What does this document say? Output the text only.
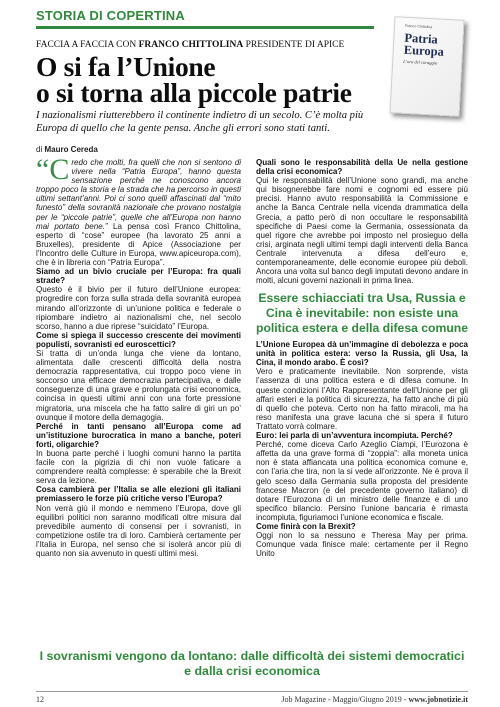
STORIA DI COPERTINA
FACCIA A FACCIA CON FRANCO CHITTOLINA PRESIDENTE DI APICE
O si fa l’Unione
o si torna alla piccole patrie

I nazionalismi riutterebbero il continente indietro di un secolo. C’è molta più Europa di quello che la gente pensa. Anche gli errori sono stati tanti.

di Mauro Cereda
Franco Chittolina
Patria
Europa
L’ora del coraggio

“Credo che molti, fra quelli che non si sentono di vivere nella “Patria Europa”, hanno questa sensazione perché ne conoscono ancora troppo poco la storia e la strada che ha percorso in questi ultimi settant’anni. Poi ci sono quelli affascinati dal “mito funesto” della sovranità nazionale che provano nostalgia per le “piccole patrie”, quelle che all’Europa non hanno mai portato bene.” La pensa così Franco Chittolina, esperto di “cose” europee (ha lavorato 25 anni a Bruxelles), presidente di Apice (Associazione per l’Incontro delle Culture in Europa, www.apiceuropa.com), che è in libreria con “Patria Europa”.

Siamo ad un bivio cruciale per l’Europa: fra quali strade?

Questo è il bivio per il futuro dell’Unione europea: progredire con forza sulla strada della sovranità europea mirando all’orizzonte di un’unione politica e federale o ripiombare indietro ai nazionalismi che, nel secolo scorso, hanno a due riprese “suicidato” l’Europa.

Come si spiega il successo crescente dei movimenti populisti, sovranisti ed euroscettici?

Si tratta di un’onda lunga che viene da lontano, alimentata dalle crescenti difficoltà della nostra democrazia rappresentativa, cui troppo poco viene in soccorso una efficace democrazia partecipativa, e dalle conseguenze di una grave e prolungata crisi economica, coincisa in questi ultimi anni con una forte pressione migratoria, una miscela che ha fatto salire di giri un po’ ovunque il motore della demagogia.

Perché in tanti pensano all’Europa come ad un’istituzione burocratica in mano a banche, poteri forti, oligarchie?

In buona parte perché i luoghi comuni hanno la partita facile con la pigrizia di chi non vuole faticare a comprendere realtà complesse: è sperabile che la Brexit serva da lezione.

Cosa cambierà per l’Italia se alle elezioni gli italiani premiassero le forze più critiche verso l’Europa?

Non verrà giù il mondo e nemmeno l’Europa, dove gli equilibri politici non saranno modificati oltre misura dal prevedibile aumento di consensi per i sovranisti, in competizione ostile tra di loro. Cambierà certamente per l’Italia in Europa, nel senso che si isolerà ancor più di quanto non sia avvenuto in questi ultimi mesi.

Quali sono le responsabilità della Ue nella gestione della crisi economica?

Qui le responsabilità dell’Unione sono grandi, ma anche qui bisognerebbe fare nomi e cognomi ed essere più precisi. Hanno avuto responsabilità la Commissione e anche la Banca Centrale nella vicenda drammatica della Grecia, a patto però di non occultare le responsabilità specifiche di Paesi come la Germania, ossessionata da quel rigore che avrebbe poi imposto nel prosieguo della crisi, arginata negli ultimi tempi dagli interventi della Banca Centrale intervenuta a difesa dell’euro e, contemporaneamente, delle economie europee più deboli. Ancora una volta sul banco degli imputati devono andare in molti, alcuni governi nazionali in prima linea.

Essere schiacciati tra Usa, Russia e Cina è inevitabile: non esiste una politica estera e della difesa comune

L’Unione Europea dà un’immagine di debolezza e poca unità in politica estera: verso la Russia, gli Usa, la Cina, il mondo arabo. È così?

Vero e praticamente inevitabile. Non sorprende, vista l’assenza di una politica estera e di difesa comune. In queste condizioni l’Alto Rappresentante dell’Unione per gli affari esteri e la politica di sicurezza, ha fatto anche di più di quello che poteva. Certo non ha fatto miracoli, ma ha reso manifesta una grave lacuna che si spera il futuro Trattato vorrà colmare.

Euro: lei parla di un’avventura incompiuta. Perché?

Perché, come diceva Carlo Azeglio Ciampi, l’Eurozona è affetta da una grave forma di “zoppia”: alla moneta unica non è stata affiancata una politica economica comune e, con l’aria che tira, non la si vede all’orizzonte. Ne è prova il gelo sceso dalla Germania sulla proposta del presidente francese Macron (e del precedente governo italiano) di dotare l’Eurozona di un ministro delle finanze e di uno specifico bilancio. Persino l’unione bancaria è rimasta incompiuta, figuriamoci l’unione economica e fiscale.

Come finirà con la Brexit?

Oggi non lo sa nessuno e Theresa May per prima. Comunque vada finisce male: certamente per il Regno Unito

I sovranismi vengono da lontano: dalle difficoltà dei sistemi democratici e dalla crisi economica
12	Job Magazine - Maggio/Giugno 2019 - www.jobnotizie.it
